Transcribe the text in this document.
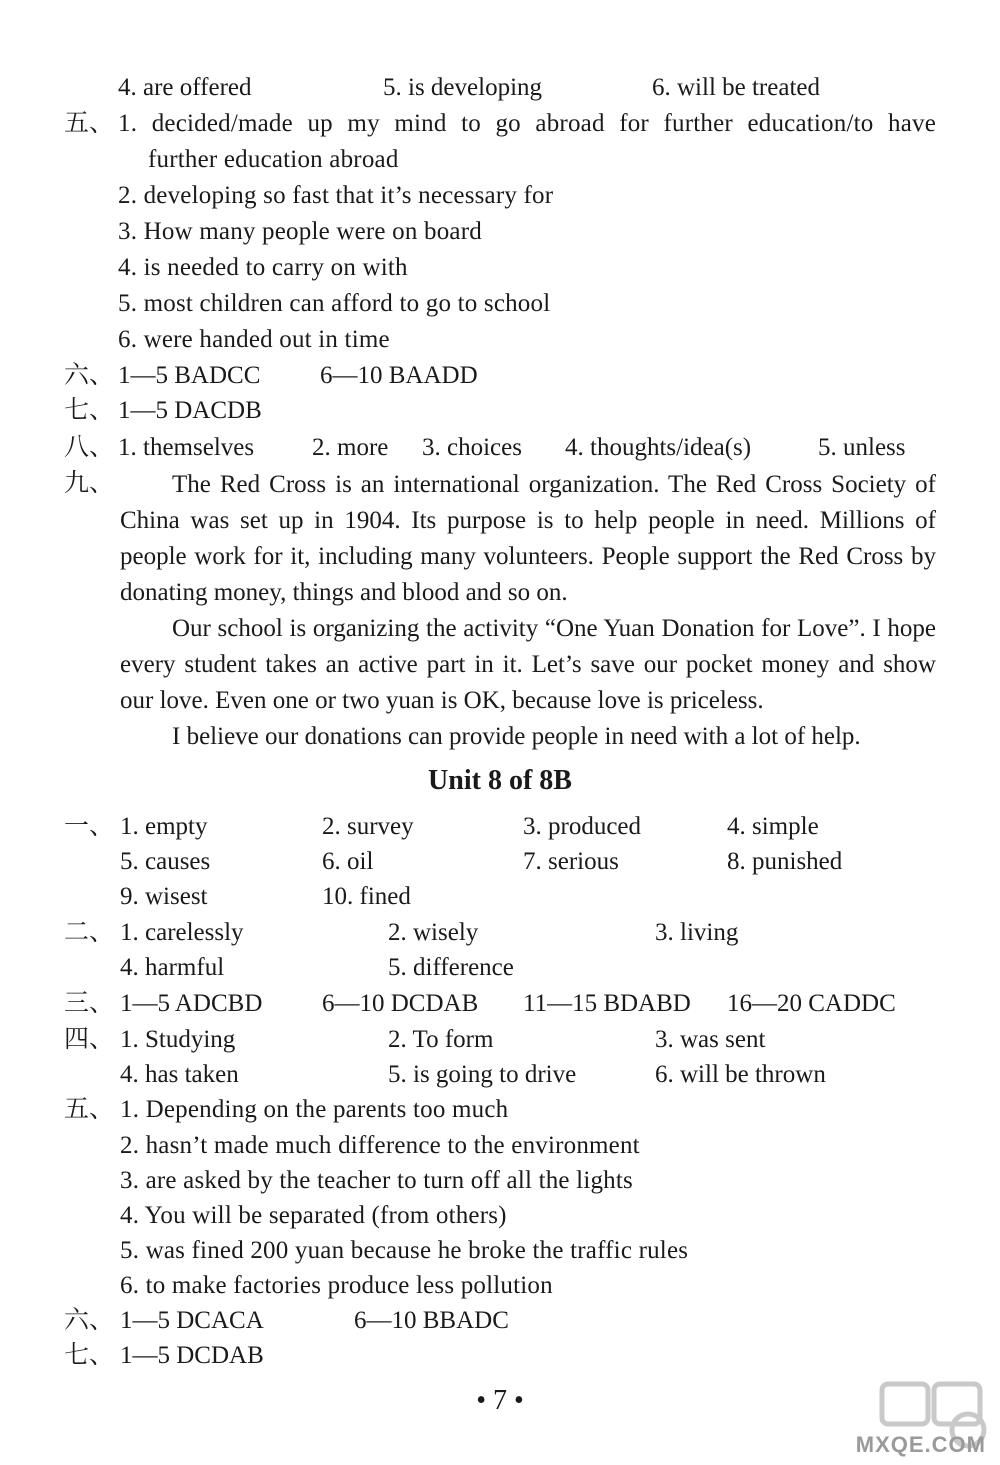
4. are offered	5. is developing	6. will be treated
五、 1. decided/made up my mind to go abroad for further education/to have
further education abroad
2. developing so fast that it’s necessary for
3. How many people were on board
4. is needed to carry on with
5. most children can afford to go to school
6. were handed out in time
六、 1—5 BADCC 6—10 BAADD
七、 1—5 DACDB
八、 1. themselves 2. more 3. choices 4. thoughts/idea(s)	5. unless
九、	The Red Cross is an international organization. The Red Cross Society of China was set up in 1904. Its purpose is to help people in need. Millions of people work for it, including many volunteers. People support the Red Cross by donating money, things and blood and so on.
Our school is organizing the activity “One Yuan Donation for Love”. I hope every student takes an active part in it. Let’s save our pocket money and show our love. Even one or two yuan is OK, because love is priceless.
I believe our donations can provide people in need with a lot of help.
Unit 8 of 8B
一、 1. empty	2. survey	3. produced	4. simple
5. causes	6. oil	7. serious	8. punished
9. wisest	10. fined
二、 1. carelessly	2. wisely	3. living
4. harmful	5. difference
三、 1—5 ADCBD 6—10 DCDAB 11—15 BDABD 16—20 CADDC
四、 1. Studying	2. To form	3. was sent
4. has taken	5. is going to drive	6. will be thrown
五、 1. Depending on the parents too much
2. hasn’t made much difference to the environment
3. are asked by the teacher to turn off all the lights
4. You will be separated (from others)
5. was fined 200 yuan because he broke the traffic rules
6. to make factories produce less pollution
六、 1—5 DCACA	6—10 BBADC
七、 1—5 DCDAB
• 7 •
MXQE.COM
